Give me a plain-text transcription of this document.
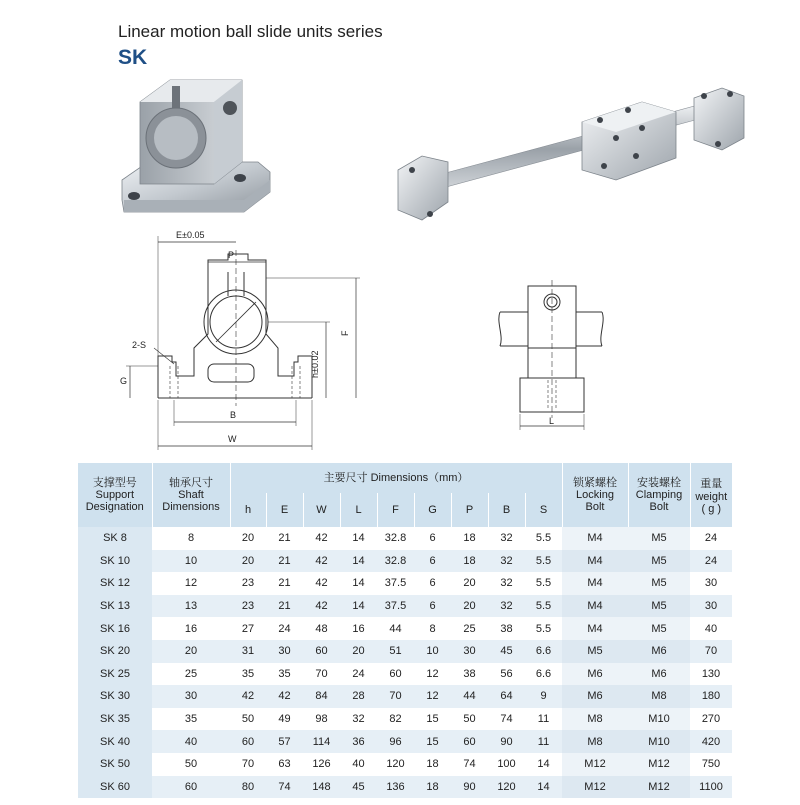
Linear motion ball slide units series
SK
E±0.05
P
2-S
G
h±0.02
F
B
W
L
支撑型号
Support
Designation	轴承尺寸
Shaft
Dimensions	主要尺寸 Dimensions（mm）									锁紧螺栓
Locking
Bolt	安装螺栓
Clamping
Bolt	重量
weight
( g )

		h	E	W	L	F	G	P	B	S			
SK 8	8	20	21	42	14	32.8	6	18	32	5.5	M4	M5	24
SK 10	10	20	21	42	14	32.8	6	18	32	5.5	M4	M5	24
SK 12	12	23	21	42	14	37.5	6	20	32	5.5	M4	M5	30
SK 13	13	23	21	42	14	37.5	6	20	32	5.5	M4	M5	30
SK 16	16	27	24	48	16	44	8	25	38	5.5	M4	M5	40
SK 20	20	31	30	60	20	51	10	30	45	6.6	M5	M6	70
SK 25	25	35	35	70	24	60	12	38	56	6.6	M6	M6	130
SK 30	30	42	42	84	28	70	12	44	64	9	M6	M8	180
SK 35	35	50	49	98	32	82	15	50	74	11	M8	M10	270
SK 40	40	60	57	114	36	96	15	60	90	11	M8	M10	420
SK 50	50	70	63	126	40	120	18	74	100	14	M12	M12	750
SK 60	60	80	74	148	45	136	18	90	120	14	M12	M12	1100
